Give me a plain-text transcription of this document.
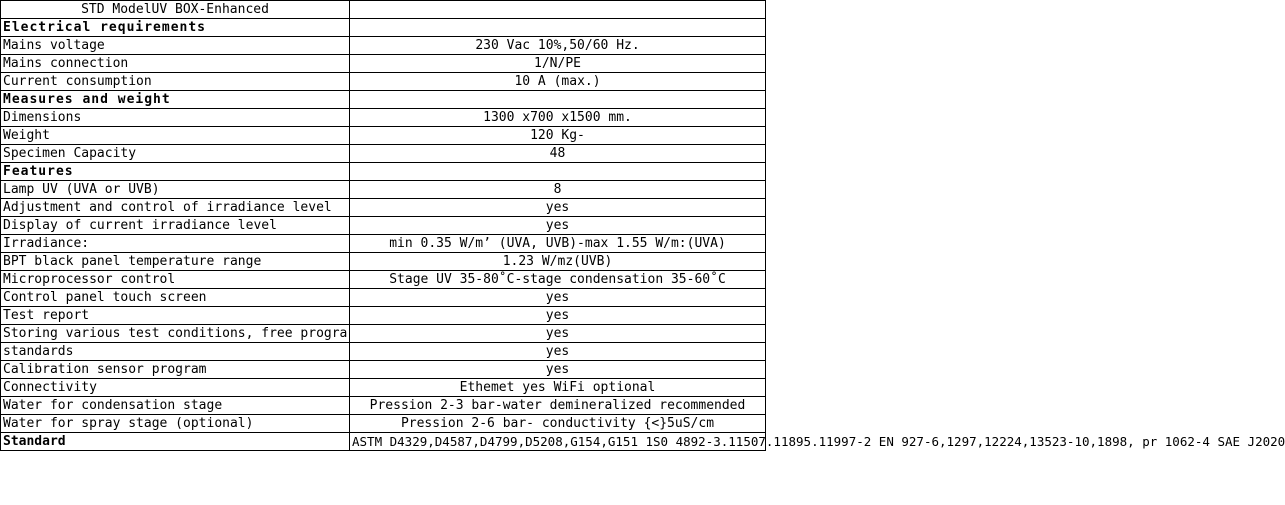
STD ModelUV BOX-Enhanced	
Electrical requirements	
Mains voltage	230 Vac 10%,50/60 Hz.
Mains connection	1/N/PE
Current consumption	10 A (max.)
Measures and weight	
Dimensions	1300 x700 x1500 mm.
Weight	120 Kg-
Specimen Capacity	48
Features	
Lamp UV (UVA or UVB)	8
Adjustment and control of irradiance level	yes
Display of current irradiance level	yes
Irradiance:	min 0.35 W/m’ (UVA, UVB)-max 1.55 W/m:(UVA)
BPT black panel temperature range	1.23 W/mz(UVB)
Microprocessor control	Stage UV 35-80˚C-stage condensation 35-60˚C
Control panel touch screen	yes
Test report	yes
Storing various test conditions, free progra	yes
standards	yes
Calibration sensor program	yes
Connectivity	Ethemet yes WiFi optional
Water for condensation stage	Pression 2-3 bar-water demineralized recommended
Water for spray stage (optional)	Pression 2-6 bar- conductivity {<}5uS/cm
Standard	ASTM D4329,D4587,D4799,D5208,G154,G151 1S0 4892-3.11507.11895.11997-2 EN 927-6,1297,12224,13523-10,1898, pr 1062-4 SAE J2020
